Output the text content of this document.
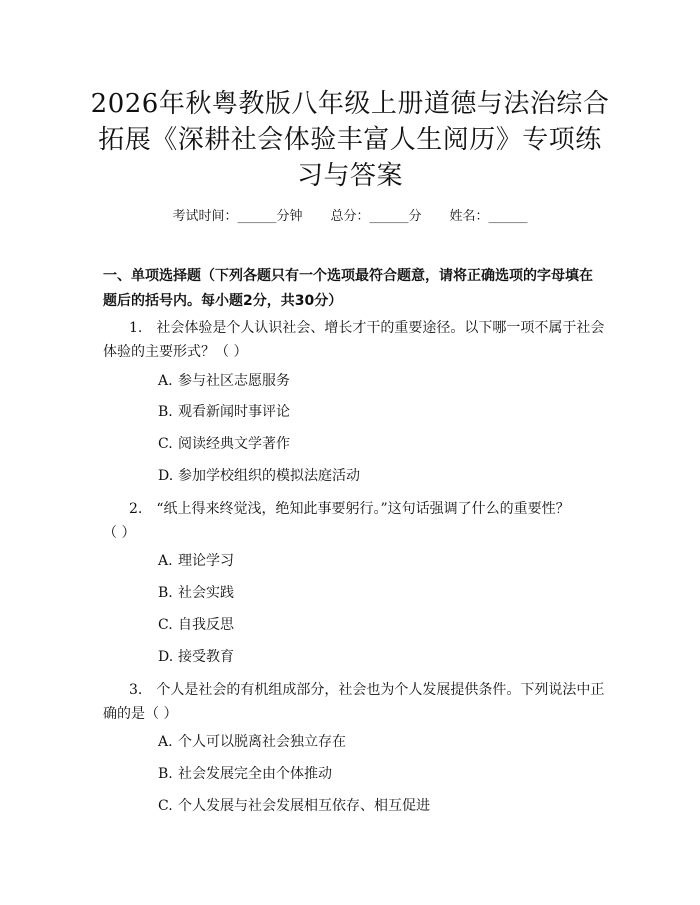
2026年秋粤教版八年级上册道德与法治综合
拓展《深耕社会体验丰富人生阅历》专项练
习与答案
考试时间：______分钟 总分：______分 姓名：______
一、单项选择题（下列各题只有一个选项最符合题意，请将正确选项的字母填在
题后的括号内。每小题2分，共30分）
1.　社会体验是个人认识社会、增长才干的重要途径。以下哪一项不属于社会
体验的主要形式？（ ）
A. 参与社区志愿服务
B. 观看新闻时事评论
C. 阅读经典文学著作
D. 参加学校组织的模拟法庭活动
2.　“纸上得来终觉浅，绝知此事要躬行。”这句话强调了什么的重要性？
（ ）
A. 理论学习
B. 社会实践
C. 自我反思
D. 接受教育
3.　个人是社会的有机组成部分，社会也为个人发展提供条件。下列说法中正
确的是（ ）
A. 个人可以脱离社会独立存在
B. 社会发展完全由个体推动
C. 个人发展与社会发展相互依存、相互促进
